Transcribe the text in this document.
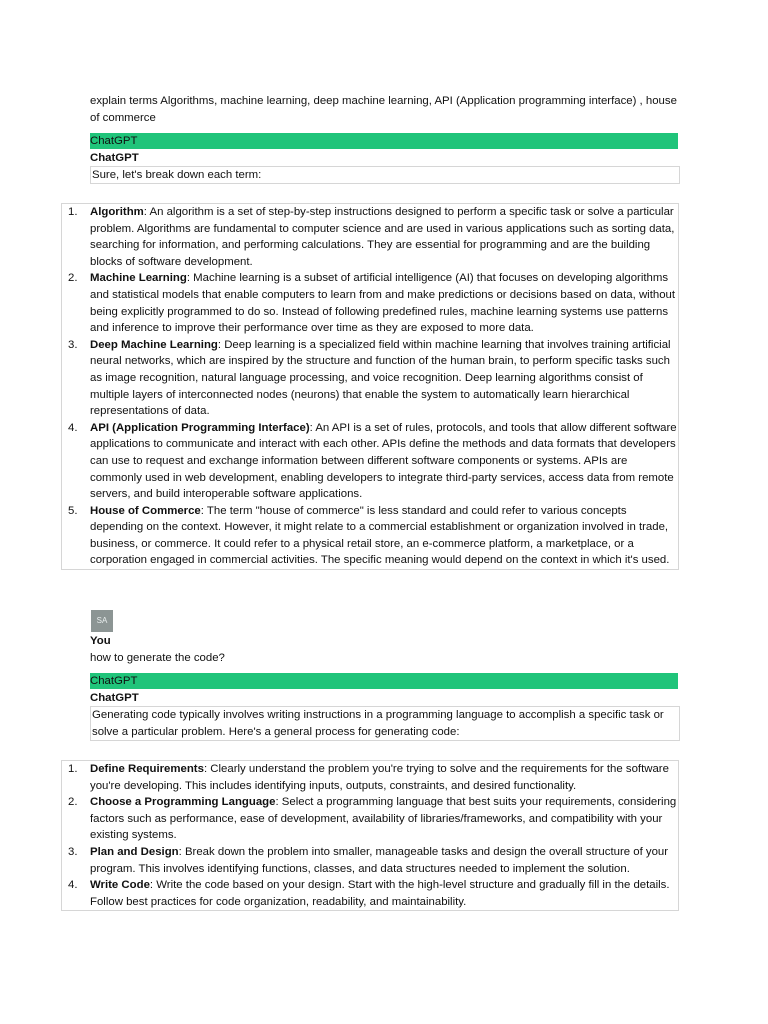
explain terms Algorithms, machine learning, deep machine learning, API (Application programming interface) , house of commerce
ChatGPT
ChatGPT
Sure, let's break down each term:
1. Algorithm: An algorithm is a set of step-by-step instructions designed to perform a specific task or solve a particular problem. Algorithms are fundamental to computer science and are used in various applications such as sorting data, searching for information, and performing calculations. They are essential for programming and are the building blocks of software development.
2. Machine Learning: Machine learning is a subset of artificial intelligence (AI) that focuses on developing algorithms and statistical models that enable computers to learn from and make predictions or decisions based on data, without being explicitly programmed to do so. Instead of following predefined rules, machine learning systems use patterns and inference to improve their performance over time as they are exposed to more data.
3. Deep Machine Learning: Deep learning is a specialized field within machine learning that involves training artificial neural networks, which are inspired by the structure and function of the human brain, to perform specific tasks such as image recognition, natural language processing, and voice recognition. Deep learning algorithms consist of multiple layers of interconnected nodes (neurons) that enable the system to automatically learn hierarchical representations of data.
4. API (Application Programming Interface): An API is a set of rules, protocols, and tools that allow different software applications to communicate and interact with each other. APIs define the methods and data formats that developers can use to request and exchange information between different software components or systems. APIs are commonly used in web development, enabling developers to integrate third-party services, access data from remote servers, and build interoperable software applications.
5. House of Commerce: The term "house of commerce" is less standard and could refer to various concepts depending on the context. However, it might relate to a commercial establishment or organization involved in trade, business, or commerce. It could refer to a physical retail store, an e-commerce platform, a marketplace, or a corporation engaged in commercial activities. The specific meaning would depend on the context in which it's used.
SA
You
how to generate the code?
ChatGPT
ChatGPT
Generating code typically involves writing instructions in a programming language to accomplish a specific task or solve a particular problem. Here's a general process for generating code:
1. Define Requirements: Clearly understand the problem you're trying to solve and the requirements for the software you're developing. This includes identifying inputs, outputs, constraints, and desired functionality.
2. Choose a Programming Language: Select a programming language that best suits your requirements, considering factors such as performance, ease of development, availability of libraries/frameworks, and compatibility with your existing systems.
3. Plan and Design: Break down the problem into smaller, manageable tasks and design the overall structure of your program. This involves identifying functions, classes, and data structures needed to implement the solution.
4. Write Code: Write the code based on your design. Start with the high-level structure and gradually fill in the details. Follow best practices for code organization, readability, and maintainability.
